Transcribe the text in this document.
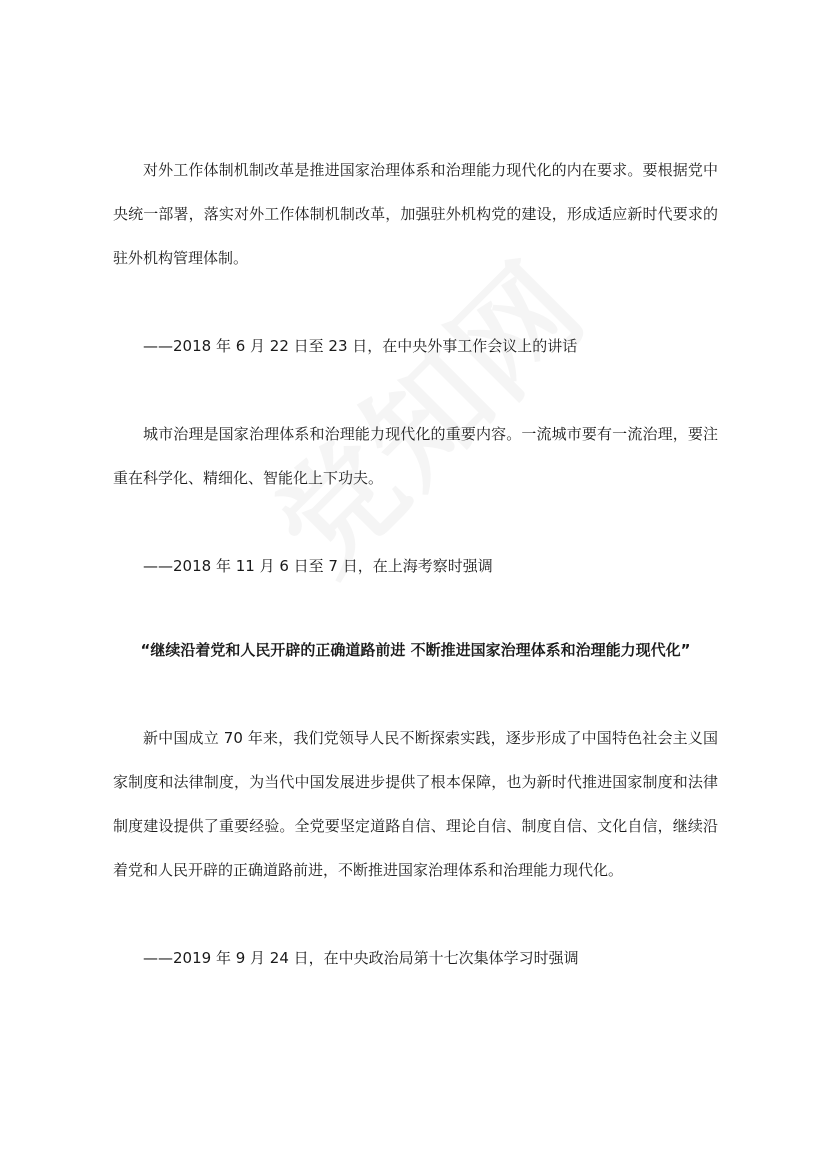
对外工作体制机制改革是推进国家治理体系和治理能力现代化的内在要求。要根据党中央统一部署，落实对外工作体制机制改革，加强驻外机构党的建设，形成适应新时代要求的驻外机构管理体制。

——2018 年 6 月 22 日至 23 日，在中央外事工作会议上的讲话

城市治理是国家治理体系和治理能力现代化的重要内容。一流城市要有一流治理，要注重在科学化、精细化、智能化上下功夫。

——2018 年 11 月 6 日至 7 日，在上海考察时强调

“继续沿着党和人民开辟的正确道路前进 不断推进国家治理体系和治理能力现代化”

新中国成立 70 年来，我们党领导人民不断探索实践，逐步形成了中国特色社会主义国家制度和法律制度，为当代中国发展进步提供了根本保障，也为新时代推进国家制度和法律制度建设提供了重要经验。全党要坚定道路自信、理论自信、制度自信、文化自信，继续沿着党和人民开辟的正确道路前进，不断推进国家治理体系和治理能力现代化。

——2019 年 9 月 24 日，在中央政治局第十七次集体学习时强调
